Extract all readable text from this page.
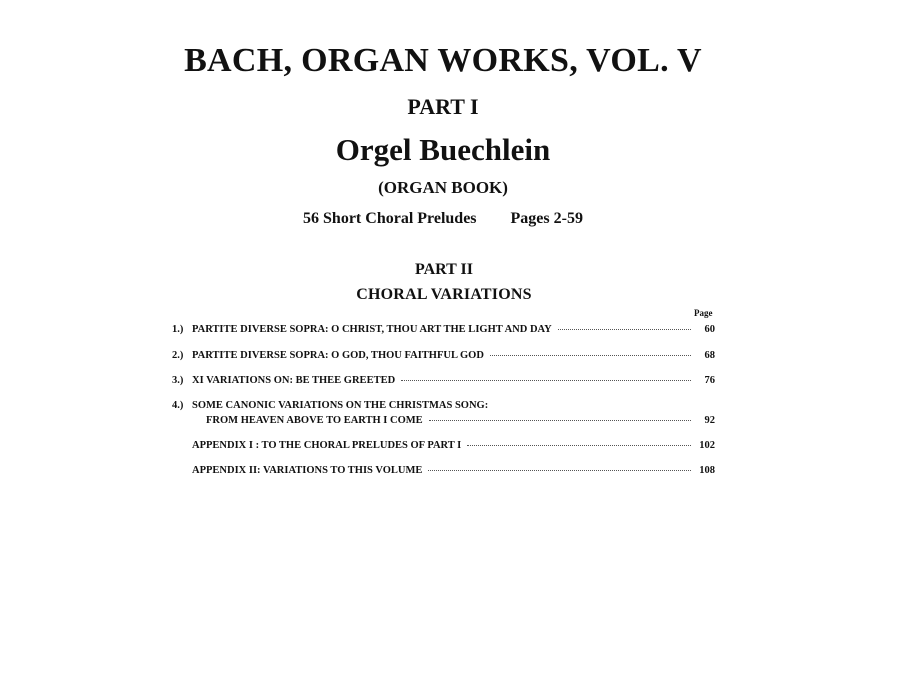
BACH, ORGAN WORKS, VOL. V
PART I
Orgel Buechlein
(ORGAN BOOK)
56 Short Choral Preludes Pages 2-59
PART II
CHORAL VARIATIONS
Page
1.) PARTITE DIVERSE SOPRA: O CHRIST, THOU ART THE LIGHT AND DAY	60
2.) PARTITE DIVERSE SOPRA: O GOD, THOU FAITHFUL GOD	68
3.) XI VARIATIONS ON: BE THEE GREETED	76
4.) SOME CANONIC VARIATIONS ON THE CHRISTMAS SONG:
FROM HEAVEN ABOVE TO EARTH I COME	92
APPENDIX I : TO THE CHORAL PRELUDES OF PART I	102
APPENDIX II: VARIATIONS TO THIS VOLUME	108
